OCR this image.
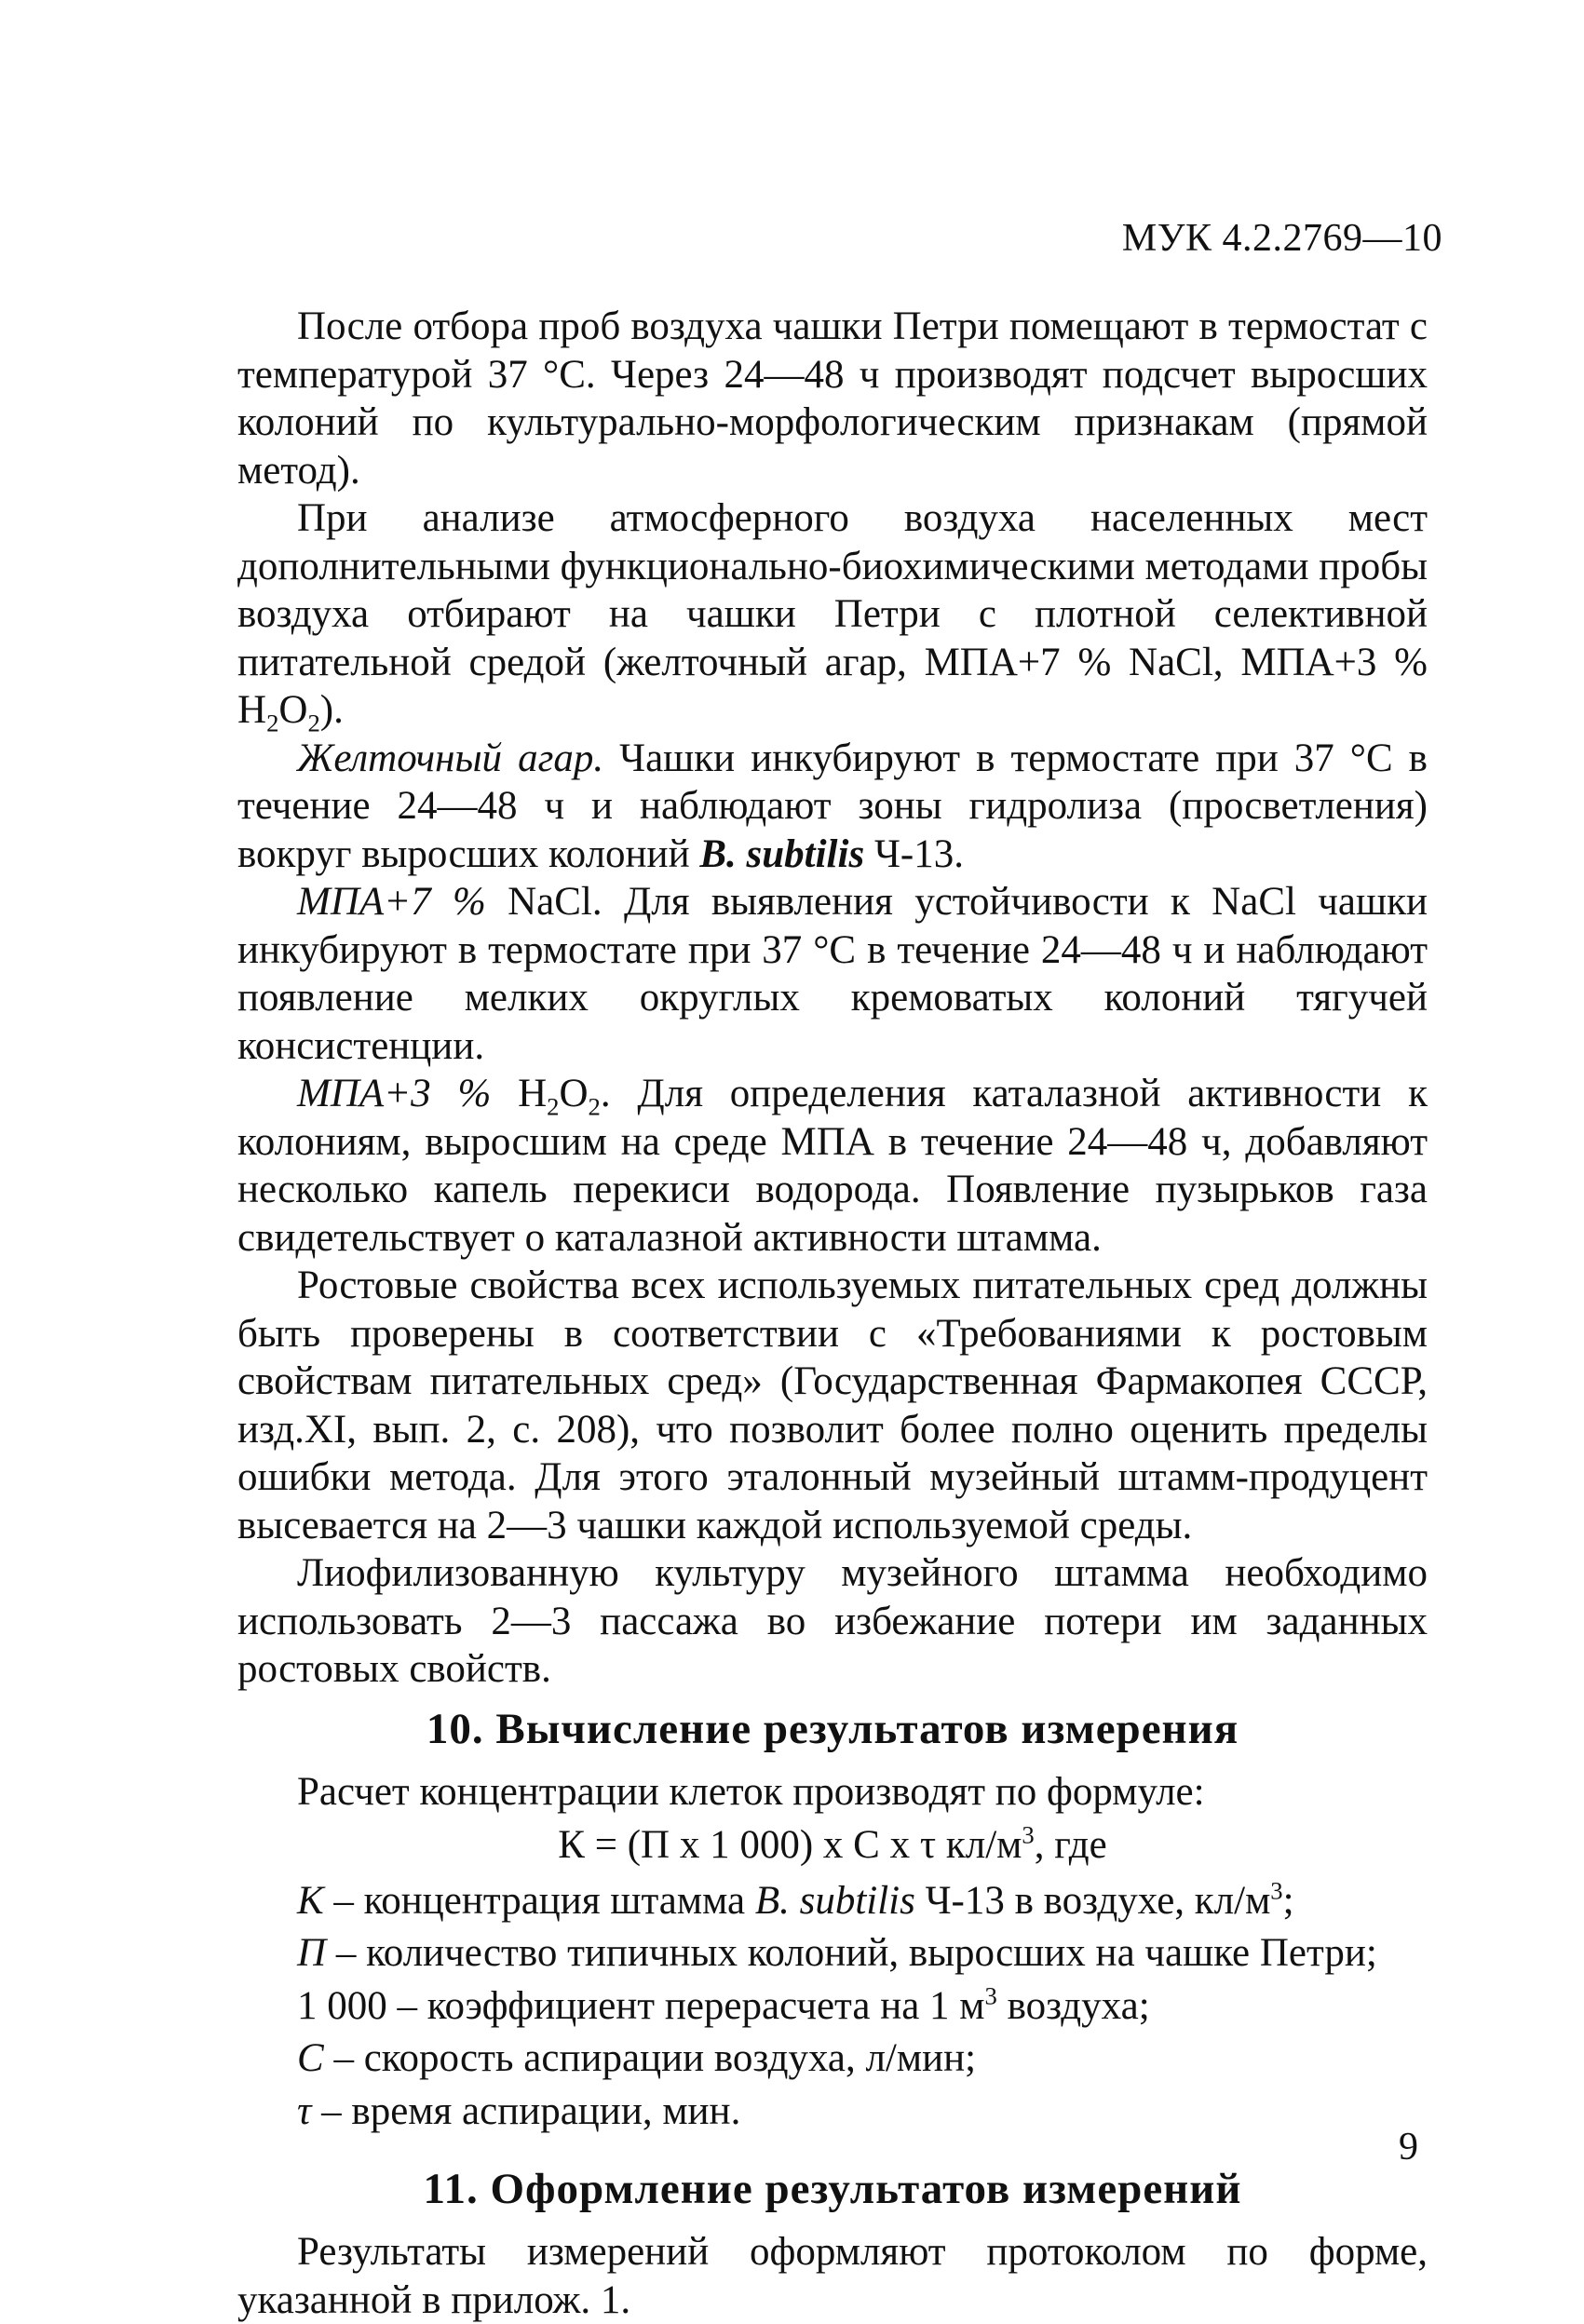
МУК 4.2.2769—10

После отбора проб воздуха чашки Петри помещают в термостат с температурой 37 °С. Через 24—48 ч производят подсчет выросших колоний по культурально-морфологическим признакам (прямой метод).

При анализе атмосферного воздуха населенных мест дополнительными функционально-биохимическими методами пробы воздуха отбирают на чашки Петри с плотной селективной питательной средой (желточный агар, МПА+7 % NaCl, МПА+3 % $H_2O_2$).

Желточный агар. Чашки инкубируют в термостате при 37 °С в течение 24—48 ч и наблюдают зоны гидролиза (просветления) вокруг выросших колоний B. subtilis Ч-13.

МПА+7 % NaCl. Для выявления устойчивости к NaCl чашки инкубируют в термостате при 37 °С в течение 24—48 ч и наблюдают появление мелких округлых кремоватых колоний тягучей консистенции.

МПА+3 % $H_2O_2$. Для определения каталазной активности к колониям, выросшим на среде МПА в течение 24—48 ч, добавляют несколько капель перекиси водорода. Появление пузырьков газа свидетельствует о каталазной активности штамма.

Ростовые свойства всех используемых питательных сред должны быть проверены в соответствии с «Требованиями к ростовым свойствам питательных сред» (Государственная Фармакопея СССР, изд.XI, вып. 2, с. 208), что позволит более полно оценить пределы ошибки метода. Для этого эталонный музейный штамм-продуцент высевается на 2—3 чашки каждой используемой среды.

Лиофилизованную культуру музейного штамма необходимо использовать 2—3 пассажа во избежание потери им заданных ростовых свойств.

10. Вычисление результатов измерения

Расчет концентрации клеток производят по формуле:

К = (П х 1 000) х С х τ $кл/м^3$, где
К – концентрация штамма B. subtilis Ч-13 в воздухе, $кл/м^3$;
П – количество типичных колоний, выросших на чашке Петри;
1 000 – коэффициент перерасчета на 1 $м^3$ воздуха;
С – скорость аспирации воздуха, л/мин;
τ – время аспирации, мин.
11. Оформление результатов измерений

Результаты измерений оформляют протоколом по форме, указанной в прилож. 1.

9
